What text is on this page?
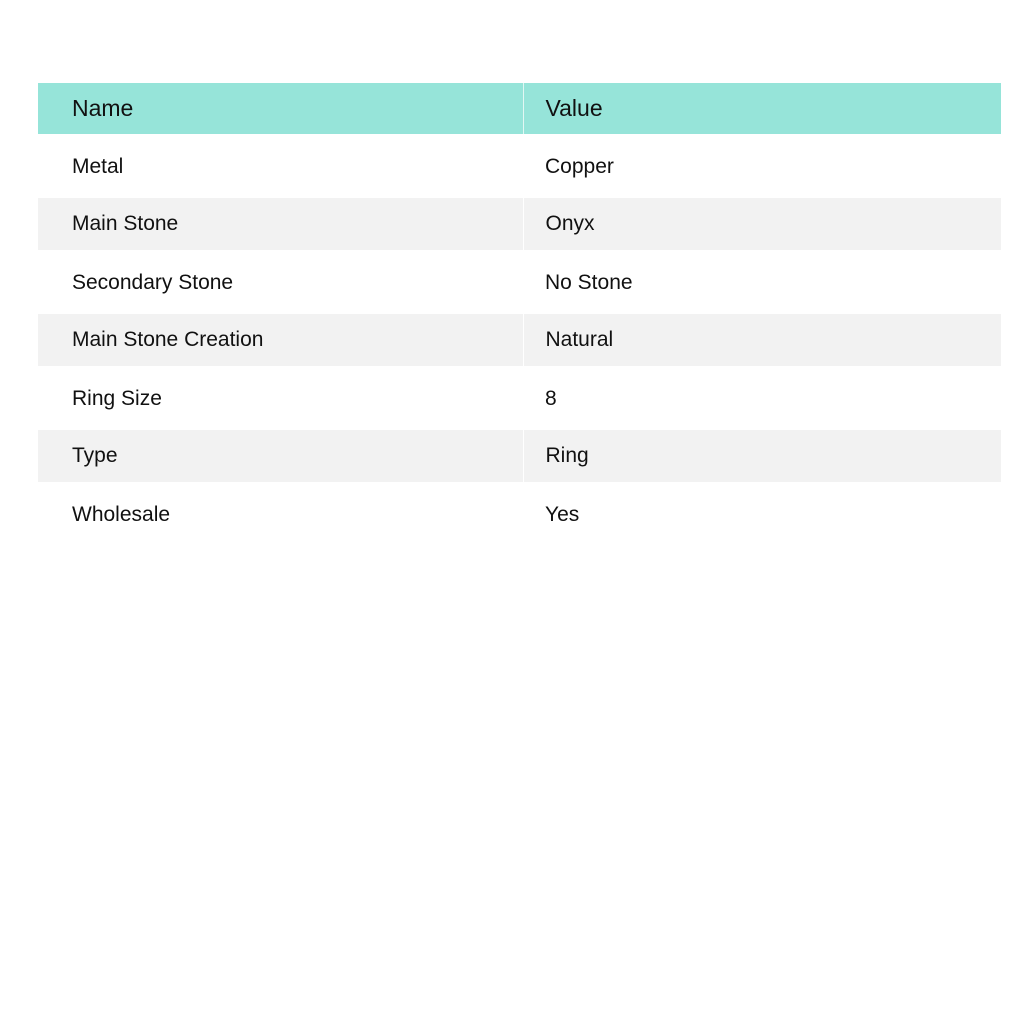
Name	Value
Metal	Copper
Main Stone	Onyx
Secondary Stone	No Stone
Main Stone Creation	Natural
Ring Size	8
Type	Ring
Wholesale	Yes
